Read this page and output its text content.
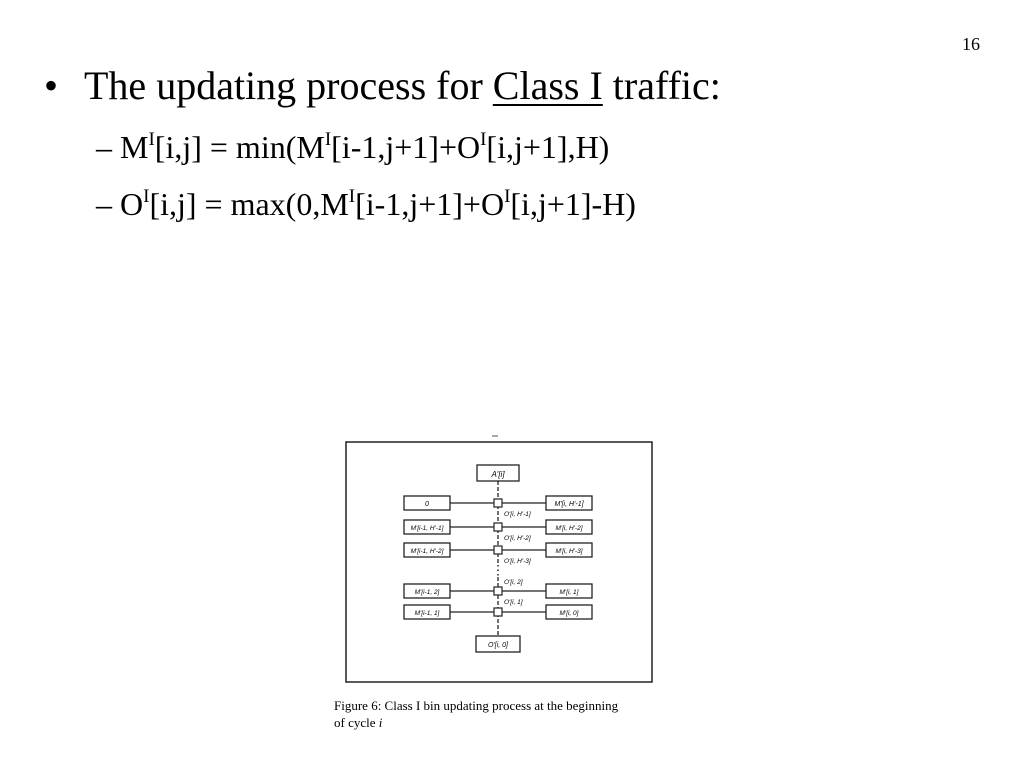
16
• The updating process for Class I traffic:
– $M^I[i,j] = \min(M^I[i-1,j+1]+O^I[i,j+1],H)$
– $O^I[i,j] = \max(0,M^I[i-1,j+1]+O^I[i,j+1]-H)$
A'[i]
0	M'[i, H'-1]
O'[i, H'-1]
M'[i-1, H'-1]	M'[i, H'-2]
O'[i, H'-2]
M'[i-1, H'-2]	M'[i, H'-3]
O'[i, H'-3]
O'[i, 2]
M'[i-1, 2]	M'[i, 1]
O'[i, 1]
M'[i-1, 1]	M'[i, 0]
O'[i, 0]
Figure 6: Class I bin updating process at the beginning
of cycle i
